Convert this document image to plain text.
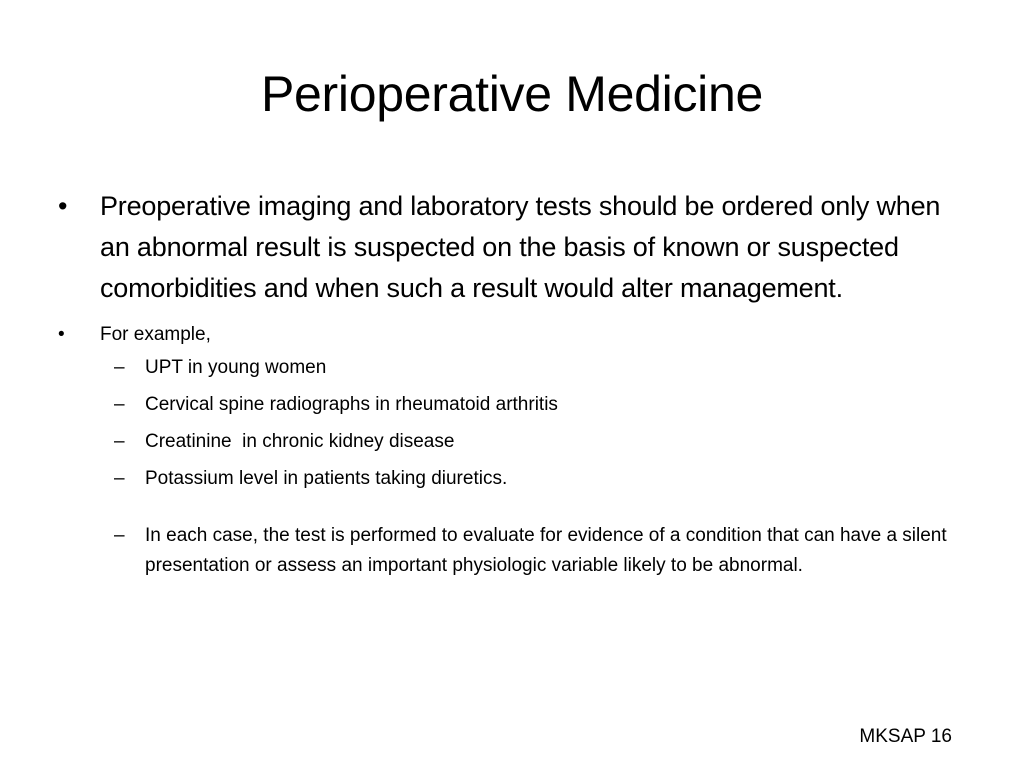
Perioperative Medicine
• Preoperative imaging and laboratory tests should be ordered only when an abnormal result is suspected on the basis of known or suspected comorbidities and when such a result would alter management.
• For example,
– UPT in young women
– Cervical spine radiographs in rheumatoid arthritis
– Creatinine  in chronic kidney disease
– Potassium level in patients taking diuretics.
– In each case, the test is performed to evaluate for evidence of a condition that can have a silent presentation or assess an important physiologic variable likely to be abnormal.
MKSAP 16
